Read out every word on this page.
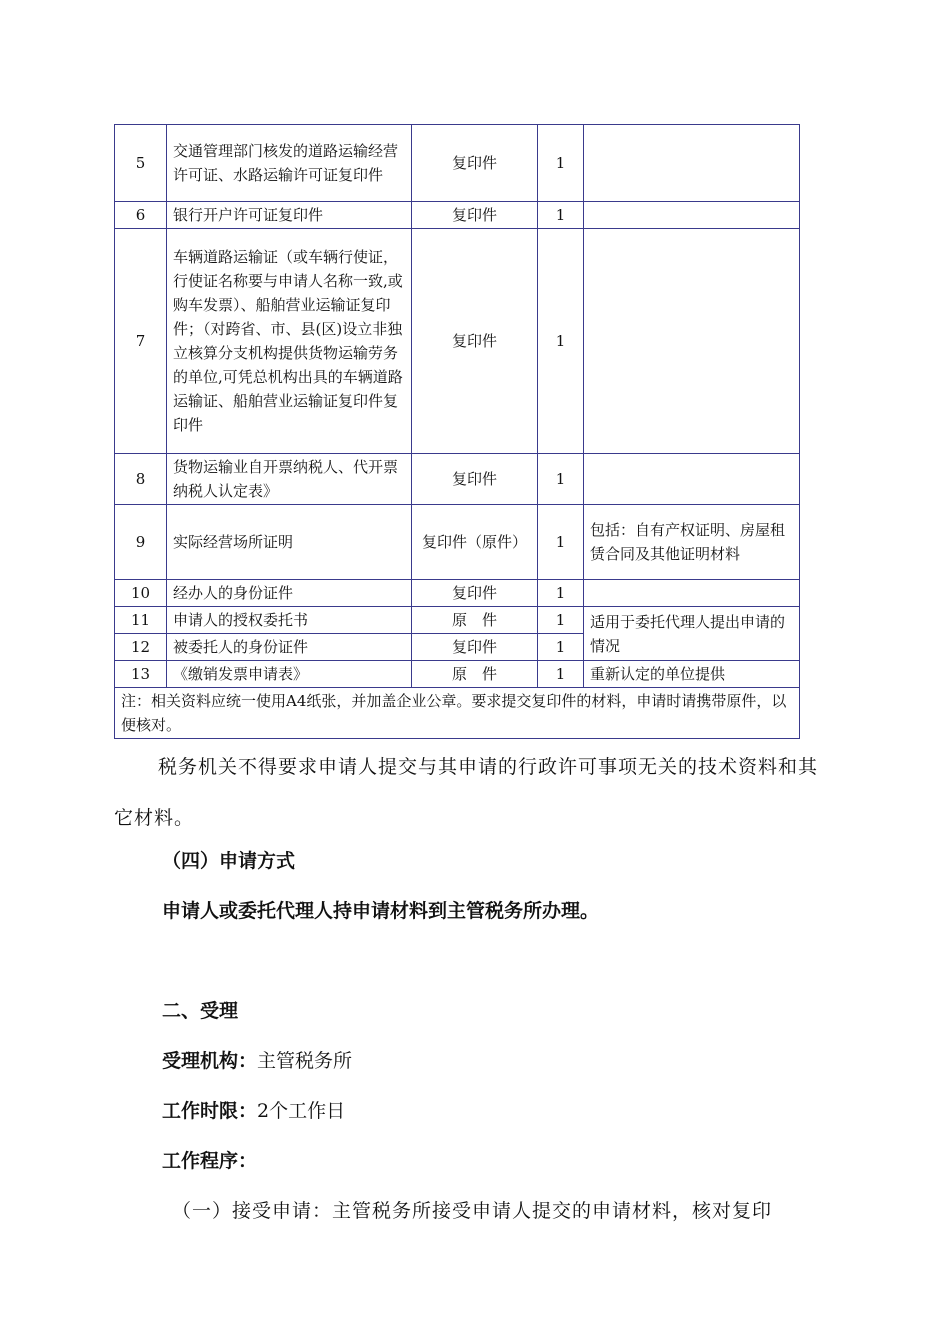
5	交通管理部门核发的道路运输经营许可证、水路运输许可证复印件	复印件	1	
6	银行开户许可证复印件	复印件	1	
7	车辆道路运输证（或车辆行使证，行使证名称要与申请人名称一致,或购车发票）、船舶营业运输证复印件；（对跨省、市、县(区)设立非独立核算分支机构提供货物运输劳务的单位,可凭总机构出具的车辆道路运输证、船舶营业运输证复印件复印件	复印件	1	
8	货物运输业自开票纳税人、代开票纳税人认定表》	复印件	1	
9	实际经营场所证明	复印件（原件）	1	包括：自有产权证明、房屋租赁合同及其他证明材料
10	经办人的身份证件	复印件	1	
11	申请人的授权委托书	原　件	1	适用于委托代理人提出申请的情况
12	被委托人的身份证件	复印件	1	
13	《缴销发票申请表》	原　件	1	重新认定的单位提供
注：相关资料应统一使用A4纸张，并加盖企业公章。要求提交复印件的材料，申请时请携带原件，以便核对。				
税务机关不得要求申请人提交与其申请的行政许可事项无关的技术资料和其它材料。
（四）申请方式
申请人或委托代理人持申请材料到主管税务所办理。
二、受理
受理机构：主管税务所
工作时限：2个工作日
工作程序：
（一）接受申请：主管税务所接受申请人提交的申请材料，核对复印
